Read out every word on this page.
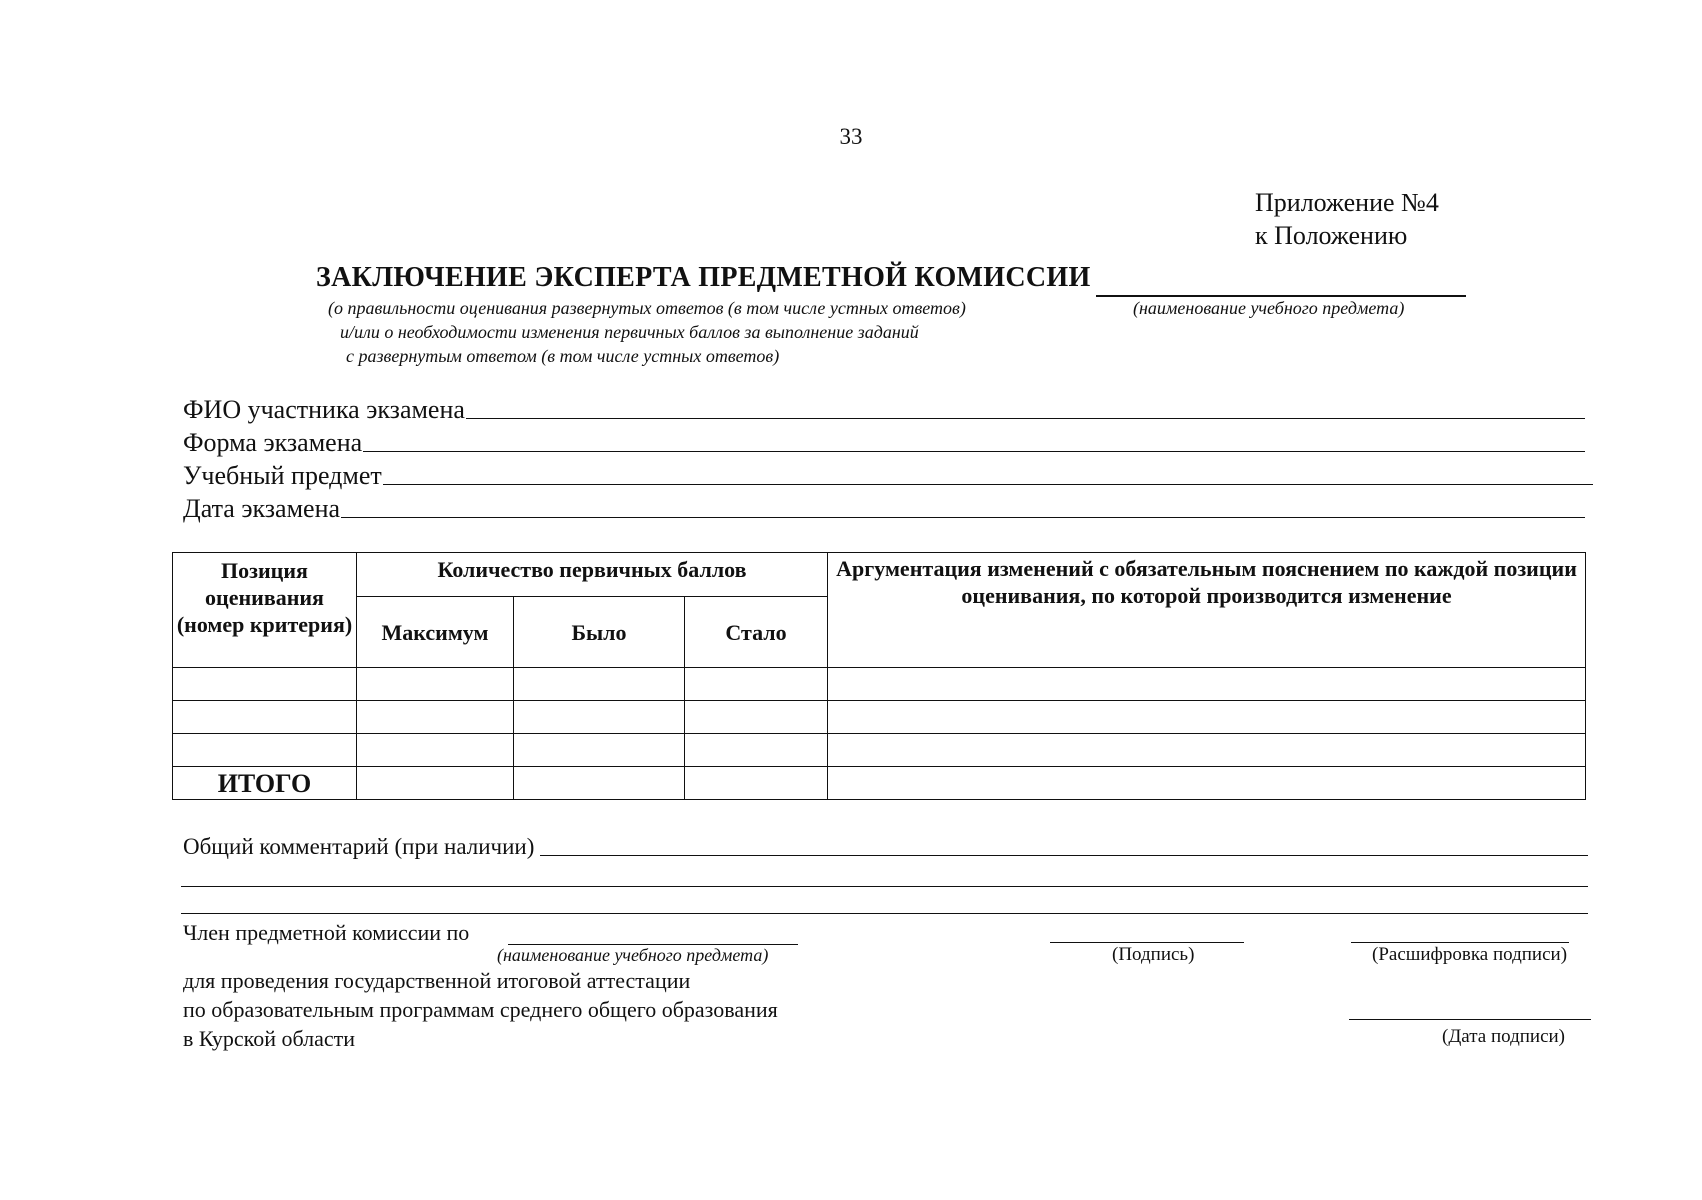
33
Приложение №4
к Положению
ЗАКЛЮЧЕНИЕ ЭКСПЕРТА ПРЕДМЕТНОЙ КОМИССИИ
(наименование учебного предмета)
(о правильности оценивания развернутых ответов (в том числе устных ответов)
и/или о необходимости изменения первичных баллов за выполнение заданий
с развернутым ответом (в том числе устных ответов)
ФИО участника экзамена
Форма экзамена
Учебный предмет
Дата экзамена
Позиция оценивания (номер критерия)	Количество первичных баллов			Аргументация изменений с обязательным пояснением по каждой позиции оценивания, по которой производится изменение
	Максимум	Было	Стало	

ИТОГО				
Общий комментарий (при наличии)
Член предметной комиссии по
(наименование учебного предмета)	(Подпись)	(Расшифровка подписи)
для проведения государственной итоговой аттестации
по образовательным программам среднего общего образования
в Курской области	(Дата подписи)
